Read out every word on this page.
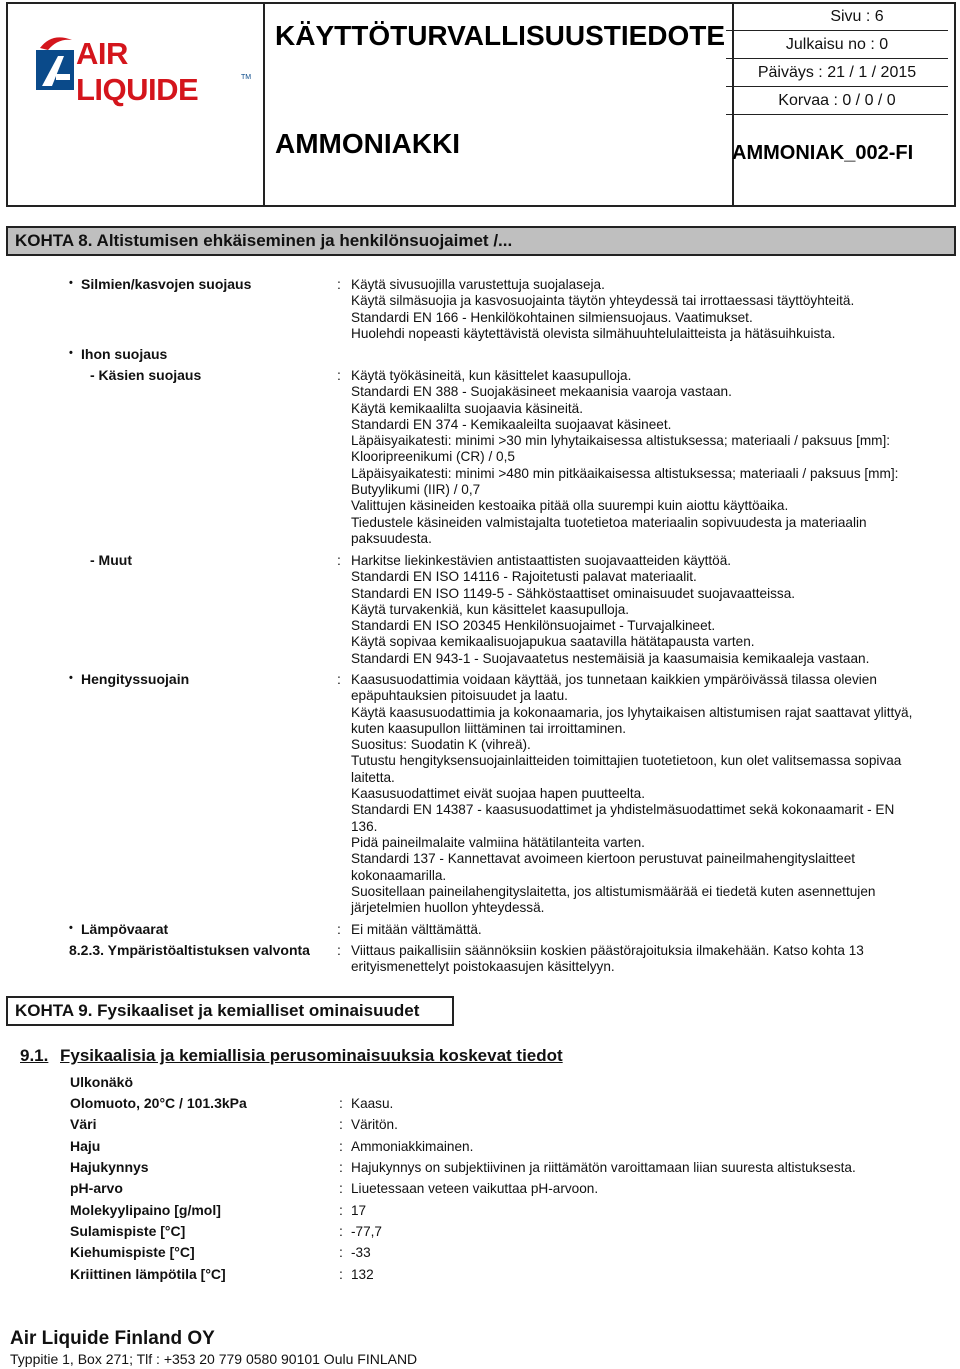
AIR LIQUIDE	TM
KÄYTTÖTURVALLISUUSTIEDOTE
AMMONIAKKI
Sivu : 6
Julkaisu no : 0
Päiväys : 21 / 1 / 2015
Korvaa : 0 / 0 / 0
AMMONIAK_002-FI
KOHTA 8. Altistumisen ehkäiseminen ja henkilönsuojaimet /...
• Silmien/kasvojen suojaus	: Käytä sivusuojilla varustettuja suojalaseja.
Käytä silmäsuojia ja kasvosuojainta täytön yhteydessä tai irrottaessasi täyttöyhteitä.
Standardi EN 166 - Henkilökohtainen silmiensuojaus. Vaatimukset.
Huolehdi nopeasti käytettävistä olevista silmähuuhtelulaitteista ja hätäsuihkuista.
• Ihon suojaus
- Käsien suojaus	: Käytä työkäsineitä, kun käsittelet kaasupulloja.
Standardi EN 388 - Suojakäsineet mekaanisia vaaroja vastaan.
Käytä kemikaalilta suojaavia käsineitä.
Standardi EN 374 - Kemikaaleilta suojaavat käsineet.
Läpäisyaikatesti: minimi >30 min lyhytaikaisessa altistuksessa; materiaali / paksuus [mm]:
Klooripreenikumi (CR) / 0,5
Läpäisyaikatesti: minimi >480 min pitkäaikaisessa altistuksessa; materiaali / paksuus [mm]:
Butyylikumi (IIR) / 0,7
Valittujen käsineiden kestoaika pitää olla suurempi kuin aiottu käyttöaika.
Tiedustele käsineiden valmistajalta tuotetietoa materiaalin sopivuudesta ja materiaalin
paksuudesta.
- Muut	: Harkitse liekinkestävien antistaattisten suojavaatteiden käyttöä.
Standardi EN ISO 14116 - Rajoitetusti palavat materiaalit.
Standardi EN ISO 1149-5 - Sähköstaattiset ominaisuudet suojavaatteissa.
Käytä turvakenkiä, kun käsittelet kaasupulloja.
Standardi EN ISO 20345 Henkilönsuojaimet - Turvajalkineet.
Käytä sopivaa kemikaalisuojapukua saatavilla hätätapausta varten.
Standardi EN 943-1 - Suojavaatetus nestemäisiä ja kaasumaisia kemikaaleja vastaan.
• Hengityssuojain	: Kaasusuodattimia voidaan käyttää, jos tunnetaan kaikkien ympäröivässä tilassa olevien
epäpuhtauksien pitoisuudet ja laatu.
Käytä kaasusuodattimia ja kokonaamaria, jos lyhytaikaisen altistumisen rajat saattavat ylittyä,
kuten kaasupullon liittäminen tai irroittaminen.
Suositus: Suodatin K (vihreä).
Tutustu hengityksensuojainlaitteiden toimittajien tuotetietoon, kun olet valitsemassa sopivaa
laitetta.
Kaasusuodattimet eivät suojaa hapen puutteelta.
Standardi EN 14387 - kaasusuodattimet ja yhdistelmäsuodattimet sekä kokonaamarit - EN
136.
Pidä paineilmalaite valmiina hätätilanteita varten.
Standardi 137 - Kannettavat avoimeen kiertoon perustuvat paineilmahengityslaitteet
kokonaamarilla.
Suositellaan paineilahengityslaitetta, jos altistumismäärää ei tiedetä kuten asennettujen
järjetelmien huollon yhteydessä.
• Lämpövaarat	: Ei mitään välttämättä.
8.2.3. Ympäristöaltistuksen valvonta : Viittaus paikallisiin säännöksiin koskien päästörajoituksia ilmakehään. Katso kohta 13
erityismenettelyt poistokaasujen käsittelyyn.
KOHTA 9. Fysikaaliset ja kemialliset ominaisuudet
9.1. Fysikaalisia ja kemiallisia perusominaisuuksia koskevat tiedot
Ulkonäkö
Olomuoto, 20°C / 101.3kPa	: Kaasu.
Väri	: Väritön.
Haju	: Ammoniakkimainen.
Hajukynnys	: Hajukynnys on subjektiivinen ja riittämätön varoittamaan liian suuresta altistuksesta.
pH-arvo	: Liuetessaan veteen vaikuttaa pH-arvoon.
Molekyylipaino [g/mol]	: 17
Sulamispiste [°C]	: -77,7
Kiehumispiste [°C]	: -33
Kriittinen lämpötila [°C]	: 132
Air Liquide Finland OY
Typpitie 1, Box 271; Tlf : +353 20 779 0580 90101 Oulu FINLAND
